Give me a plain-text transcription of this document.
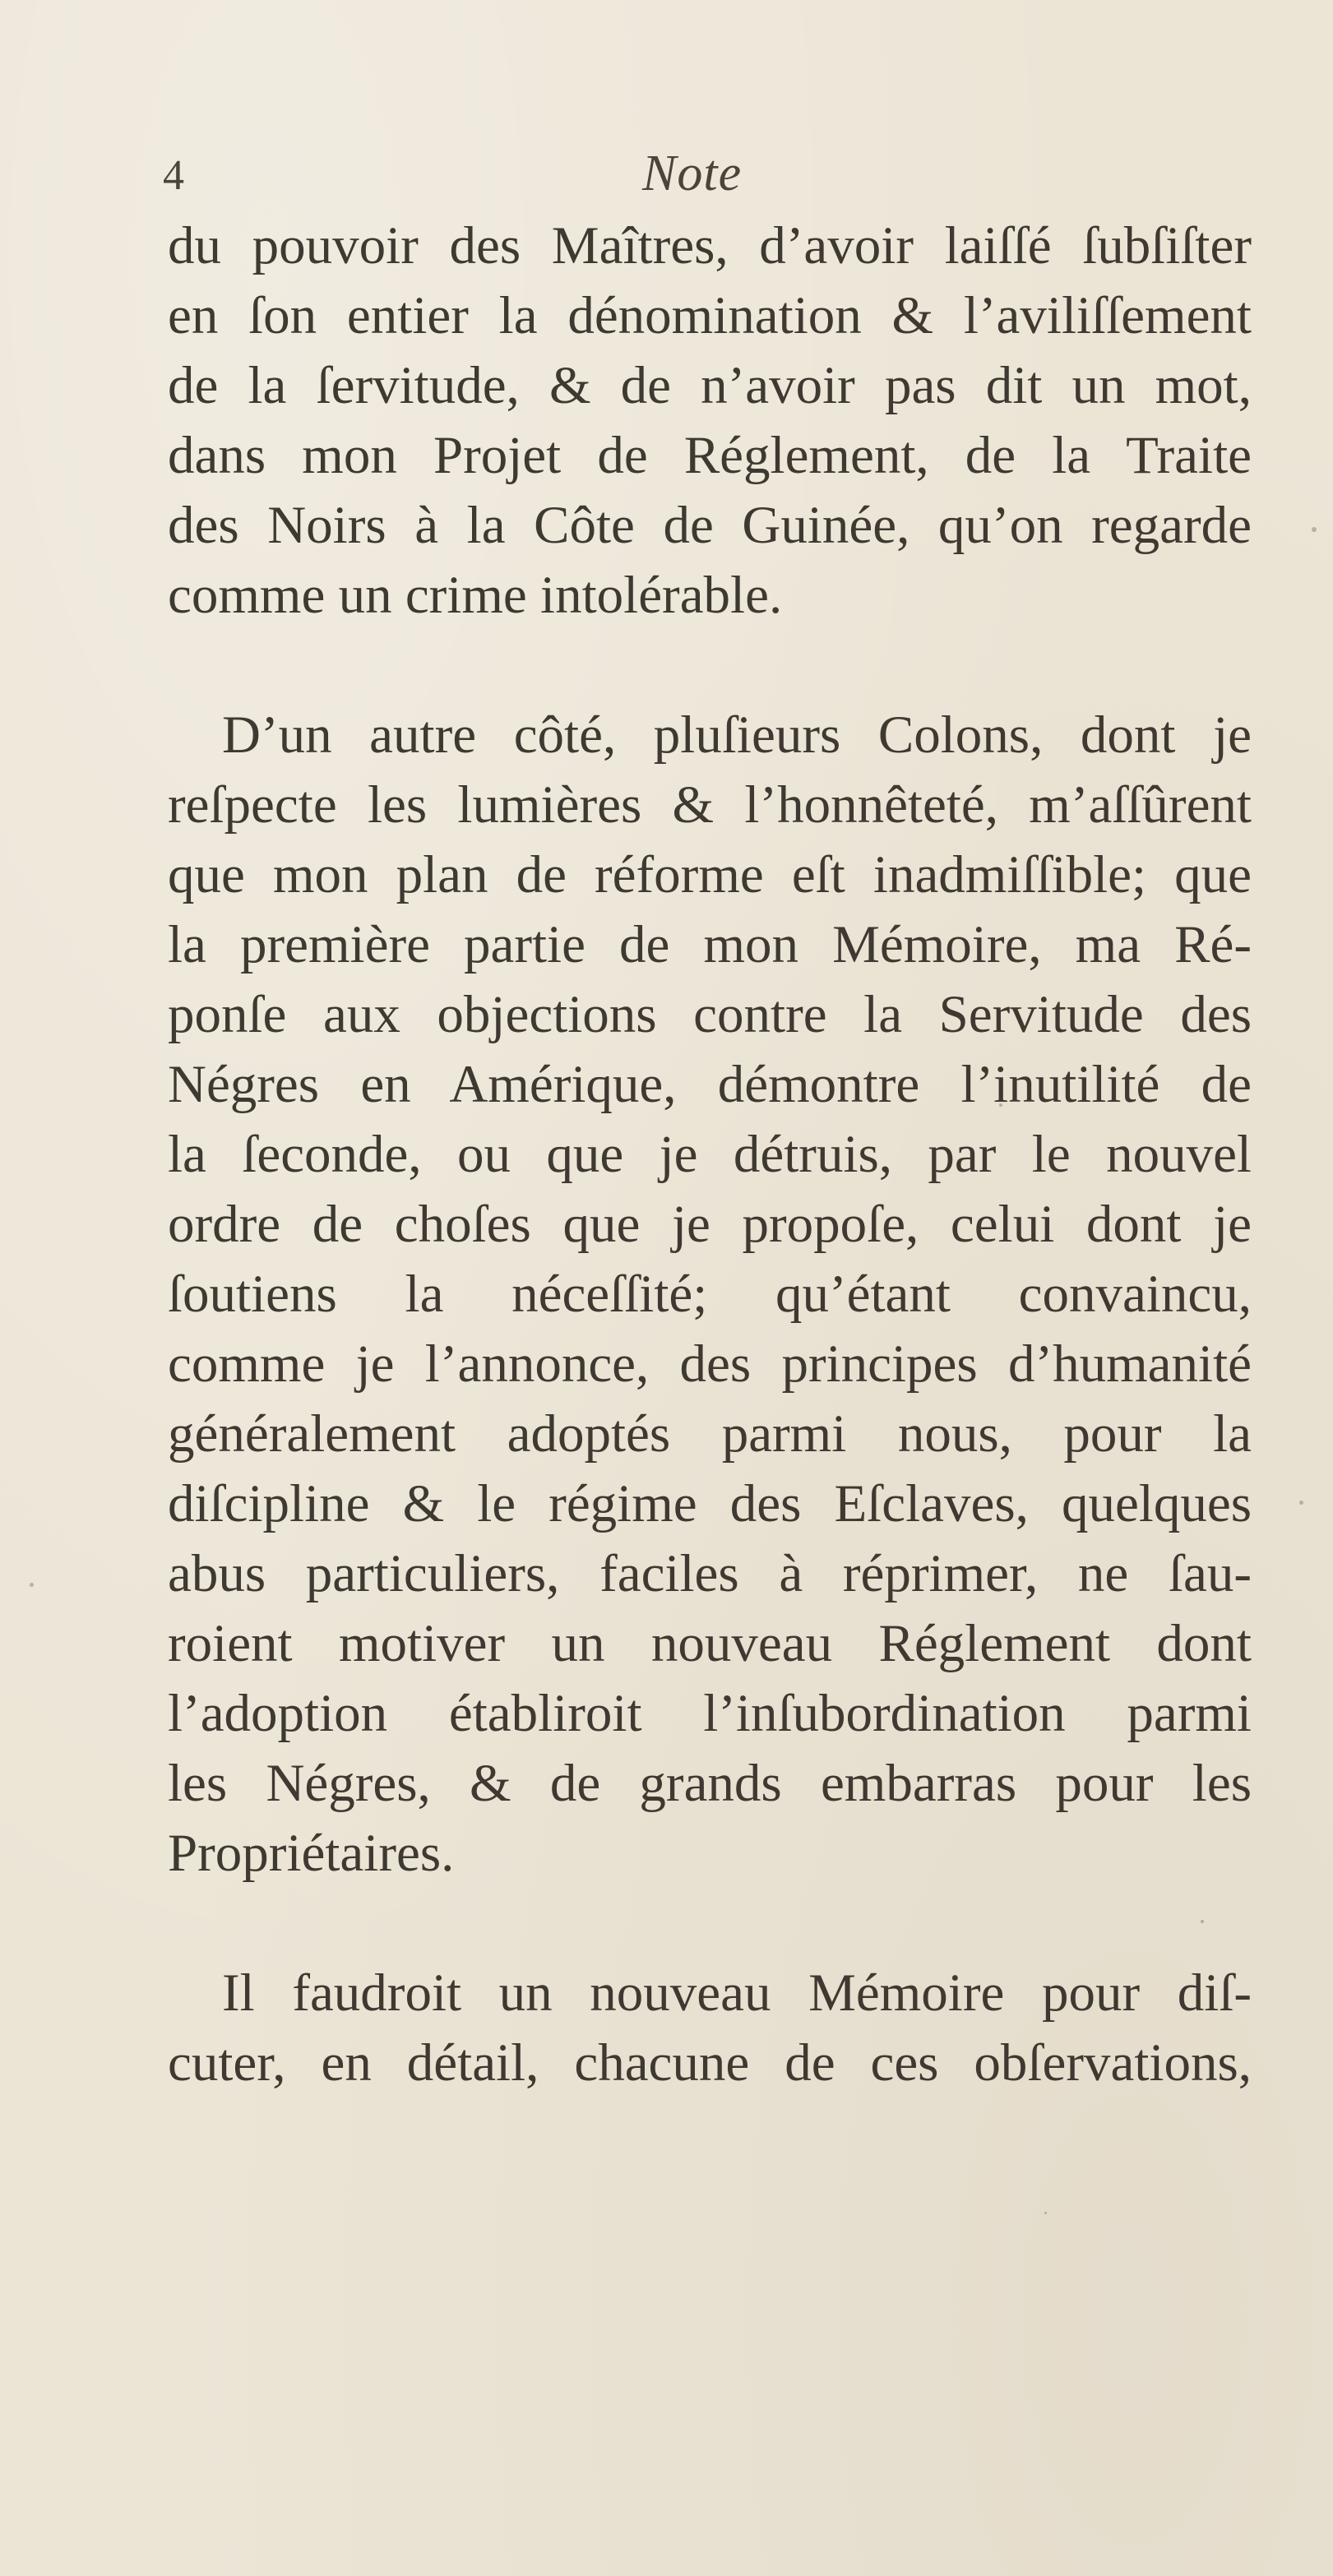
4	Note

du pouvoir des Maîtres, d’avoir laiſſé ſubſiſter
en ſon entier la dénomination & l’aviliſſement
de la ſervitude, & de n’avoir pas dit un mot,
dans mon Projet de Réglement, de la Traite
des Noirs à la Côte de Guinée, qu’on regarde
comme un crime intolérable.

D’un autre côté, pluſieurs Colons, dont je
reſpecte les lumières & l’honnêteté, m’aſſûrent
que mon plan de réforme eſt inadmiſſible; que
la première partie de mon Mémoire, ma Ré-
ponſe aux objections contre la Servitude des
Négres en Amérique, démontre l’inutilité de
la ſeconde, ou que je détruis, par le nouvel
ordre de choſes que je propoſe, celui dont je
ſoutiens la néceſſité; qu’étant convaincu,
comme je l’annonce, des principes d’humanité
généralement adoptés parmi nous, pour la
diſcipline & le régime des Eſclaves, quelques
abus particuliers, faciles à réprimer, ne ſau-
roient motiver un nouveau Réglement dont
l’adoption établiroit l’inſubordination parmi
les Négres, & de grands embarras pour les
Propriétaires.

Il faudroit un nouveau Mémoire pour diſ-
cuter, en détail, chacune de ces obſervations,
